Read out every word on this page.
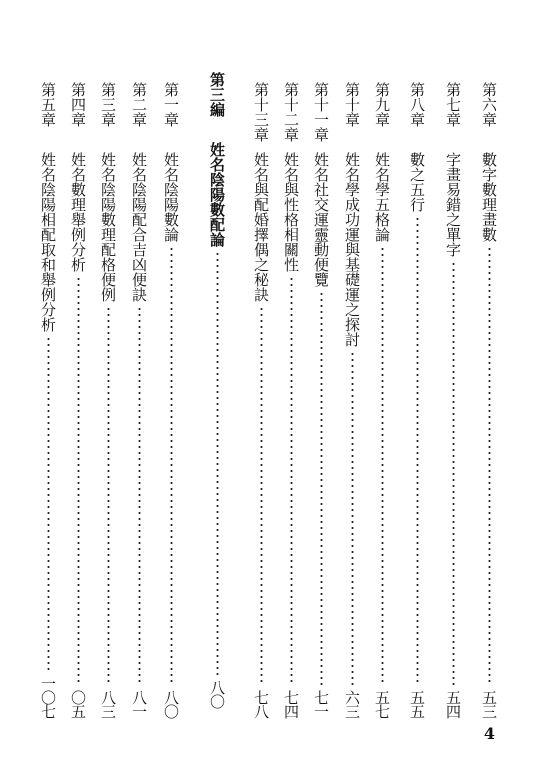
第六章
數字數理畫數
五三
第七章
字畫易錯之單字
五四
第八章
數之五行
五五
第九章
姓名學五格論
五七
第十章
姓名學成功運與基礎運之探討
六三
第十一章
姓名社交運靈動便覽
七一
第十二章
姓名與性格相關性
七四
第十三章
姓名與配婚擇偶之秘訣
七八
第三編
姓名陰陽數配論
八〇
第一章
姓名陰陽數論
八〇
第二章
姓名陰陽配合吉凶便訣
八一
第三章
姓名陰陽數理配格便例
八三
第四章
姓名數理舉例分析
〇五
第五章
姓名陰陽相配取和舉例分析
一〇七
4
